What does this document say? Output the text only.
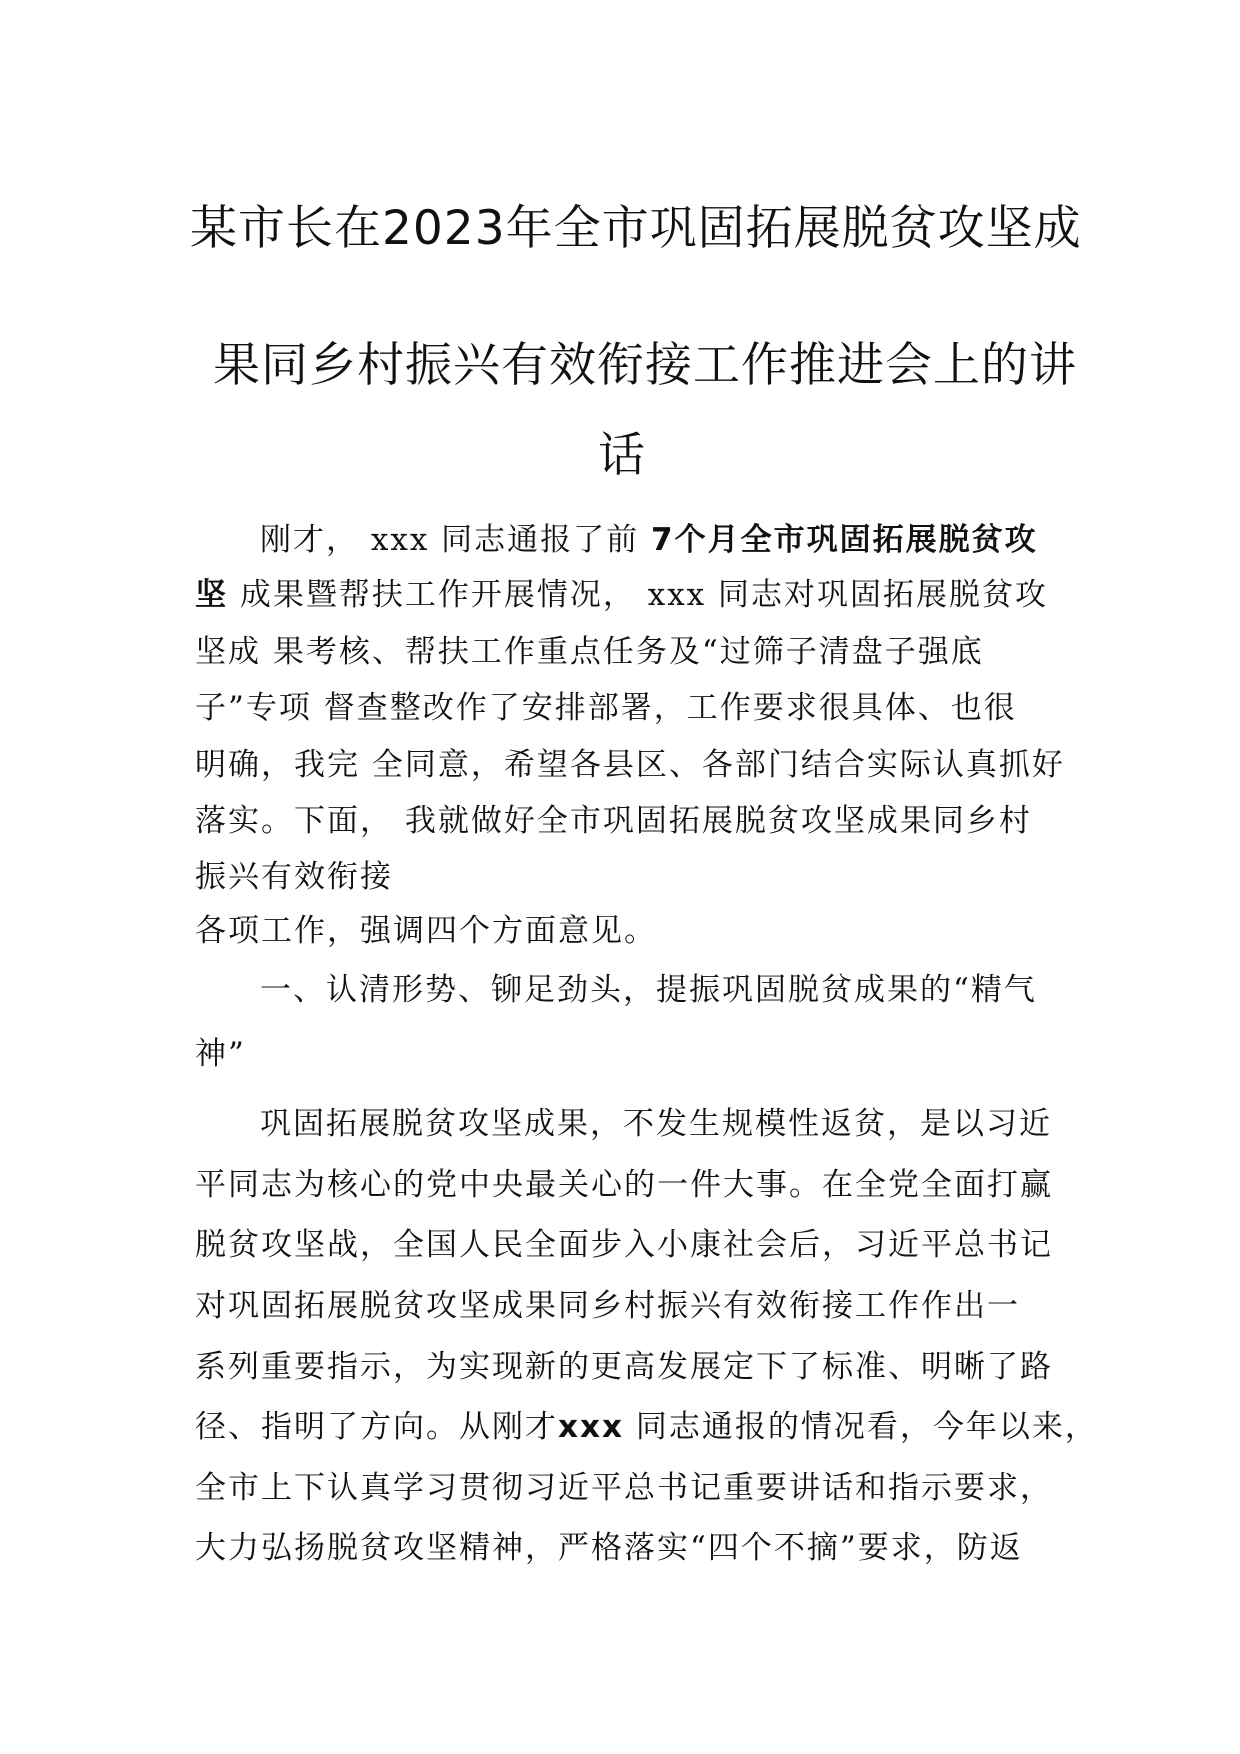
某市长在2023年全市巩固拓展脱贫攻坚成
果同乡村振兴有效衔接工作推进会上的讲
话
刚才， xxx 同志通报了前 7个月全市巩固拓展脱贫攻
坚 成果暨帮扶工作开展情况， xxx 同志对巩固拓展脱贫攻
坚成 果考核、帮扶工作重点任务及“过筛子清盘子强底
子”专项 督查整改作了安排部署，工作要求很具体、也很
明确，我完 全同意，希望各县区、各部门结合实际认真抓好
落实。下面， 我就做好全市巩固拓展脱贫攻坚成果同乡村
振兴有效衔接
各项工作，强调四个方面意见。
一、认清形势、铆足劲头，提振巩固脱贫成果的“精气
神”
巩固拓展脱贫攻坚成果，不发生规模性返贫，是以习近
平同志为核心的党中央最关心的一件大事。在全党全面打赢
脱贫攻坚战，全国人民全面步入小康社会后，习近平总书记
对巩固拓展脱贫攻坚成果同乡村振兴有效衔接工作作出一
系列重要指示，为实现新的更高发展定下了标准、明晰了路
径、指明了方向。从刚才xxx 同志通报的情况看，今年以来，
全市上下认真学习贯彻习近平总书记重要讲话和指示要求，
大力弘扬脱贫攻坚精神，严格落实“四个不摘”要求，防返
